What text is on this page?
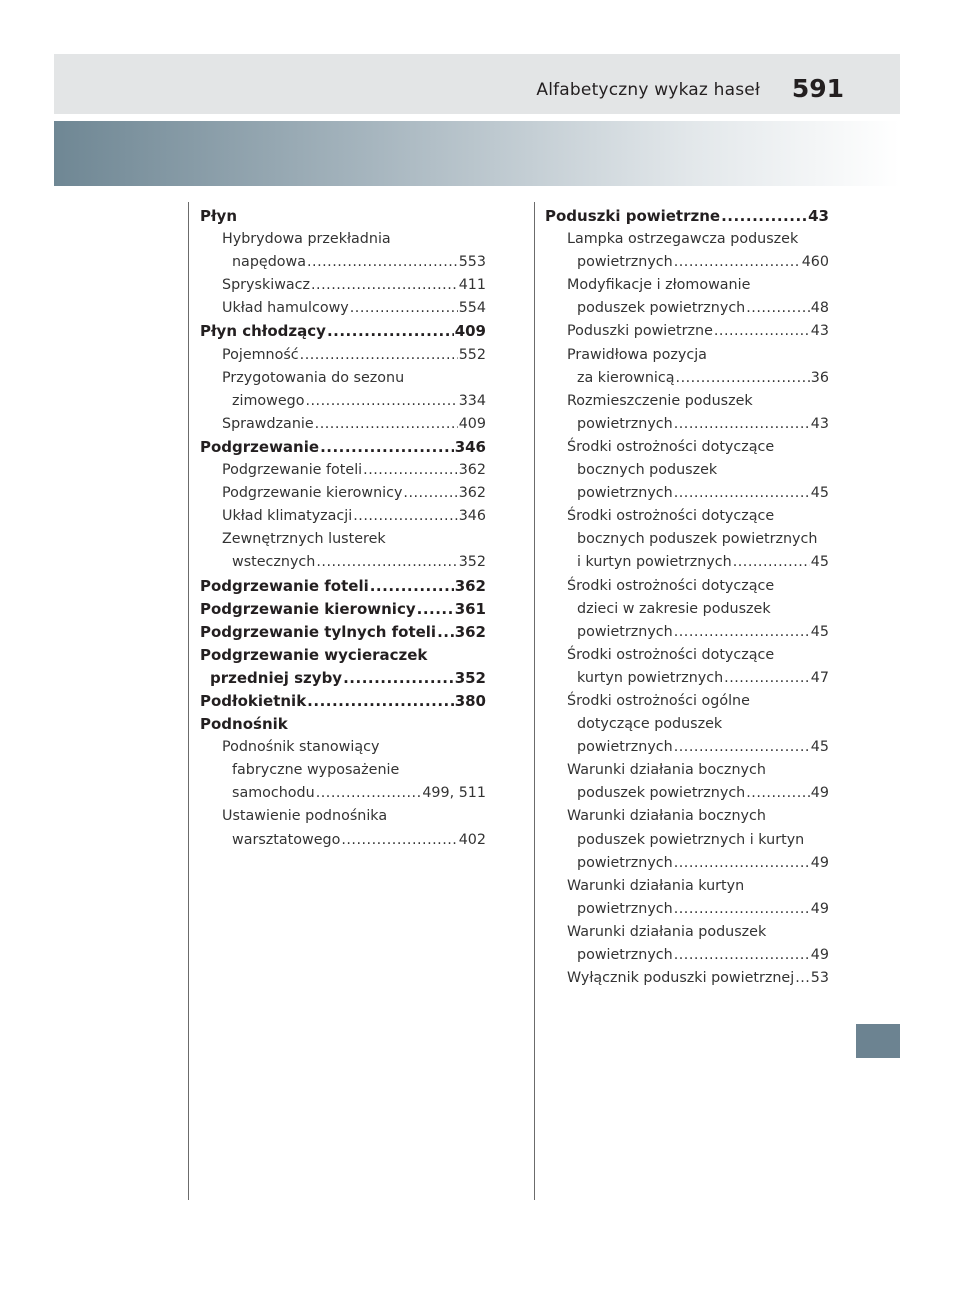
Alfabetyczny wykaz haseł 591
Płyn
Hybrydowa przekładnia
napędowa .....	553
Spryskiwacz .....	411
Układ hamulcowy .....	554
Płyn chłodzący .....	409
Pojemność .....	552
Przygotowania do sezonu
zimowego .....	334
Sprawdzanie .....	409
Podgrzewanie .....	346
Podgrzewanie foteli .....	362
Podgrzewanie kierownicy .....	362
Układ klimatyzacji .....	346
Zewnętrznych lusterek
wstecznych .....	352
Podgrzewanie foteli .....	362
Podgrzewanie kierownicy .....	361
Podgrzewanie tylnych foteli ..... 362
Podgrzewanie wycieraczek
przedniej szyby .....	352
Podłokietnik .....	380
Podnośnik
Podnośnik stanowiący
fabryczne wyposażenie
samochodu .....	499, 511
Ustawienie podnośnika
warsztatowego .....	402
Poduszki powietrzne .....	43
Lampka ostrzegawcza poduszek
powietrznych .....	460
Modyfikacje i złomowanie
poduszek powietrznych .....	48
Poduszki powietrzne .....	43
Prawidłowa pozycja
za kierownicą .....	36
Rozmieszczenie poduszek
powietrznych .....	43
Środki ostrożności dotyczące
bocznych poduszek
powietrznych .....	45
Środki ostrożności dotyczące
bocznych poduszek powietrznych
i kurtyn powietrznych .....	45
Środki ostrożności dotyczące
dzieci w zakresie poduszek
powietrznych .....	45
Środki ostrożności dotyczące
kurtyn powietrznych .....	47
Środki ostrożności ogólne
dotyczące poduszek
powietrznych .....	45
Warunki działania bocznych
poduszek powietrznych .....	49
Warunki działania bocznych
poduszek powietrznych i kurtyn
powietrznych .....	49
Warunki działania kurtyn
powietrznych .....	49
Warunki działania poduszek
powietrznych .....	49
Wyłącznik poduszki powietrznej ..... 53
